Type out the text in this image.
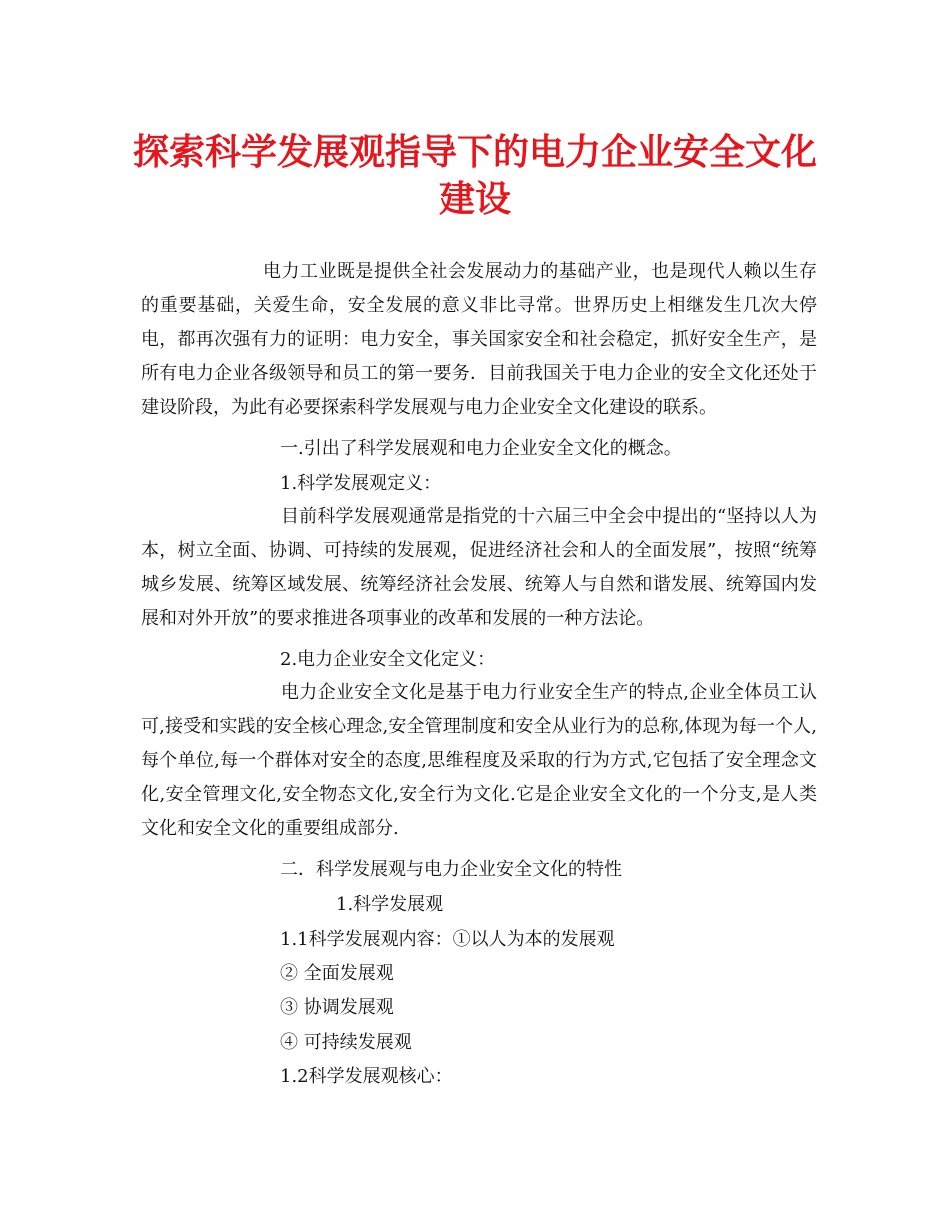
探索科学发展观指导下的电力企业安全文化
建设
电力工业既是提供全社会发展动力的基础产业，也是现代人赖以生存的重要基础，关爱生命，安全发展的意义非比寻常。世界历史上相继发生几次大停电，都再次强有力的证明：电力安全，事关国家安全和社会稳定，抓好安全生产，是所有电力企业各级领导和员工的第一要务．目前我国关于电力企业的安全文化还处于建设阶段，为此有必要探索科学发展观与电力企业安全文化建设的联系。
一.引出了科学发展观和电力企业安全文化的概念。
1.科学发展观定义：
目前科学发展观通常是指党的十六届三中全会中提出的“坚持以人为本，树立全面、协调、可持续的发展观，促进经济社会和人的全面发展”，按照“统筹城乡发展、统筹区域发展、统筹经济社会发展、统筹人与自然和谐发展、统筹国内发展和对外开放”的要求推进各项事业的改革和发展的一种方法论。
2.电力企业安全文化定义：
电力企业安全文化是基于电力行业安全生产的特点,企业全体员工认可,接受和实践的安全核心理念,安全管理制度和安全从业行为的总称,体现为每一个人,每个单位,每一个群体对安全的态度,思维程度及采取的行为方式,它包括了安全理念文化,安全管理文化,安全物态文化,安全行为文化.它是企业安全文化的一个分支,是人类文化和安全文化的重要组成部分.
二．科学发展观与电力企业安全文化的特性
1.科学发展观
1.1科学发展观内容：①以人为本的发展观
② 全面发展观
③ 协调发展观
④ 可持续发展观
1.2科学发展观核心：
